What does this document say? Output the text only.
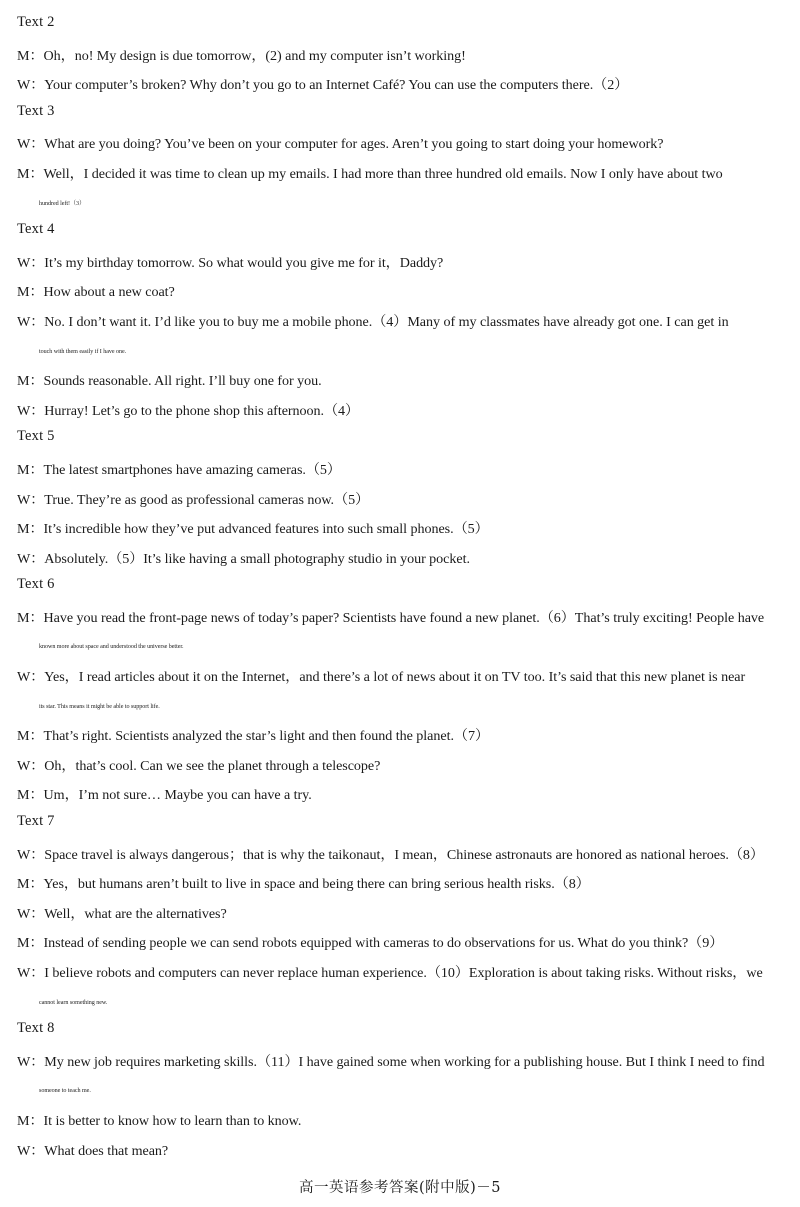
Text 2
M：Oh，no! My design is due tomorrow，(2) and my computer isn’t working!
W：Your computer’s broken? Why don’t you go to an Internet Café? You can use the computers there.（2）
Text 3
W：What are you doing? You’ve been on your computer for ages. Aren’t you going to start doing your homework?
M：Well，I decided it was time to clean up my emails. I had more than three hundred old emails. Now I only have about two
hundred left!（3）
Text 4
W：It’s my birthday tomorrow. So what would you give me for it，Daddy?
M：How about a new coat?
W：No. I don’t want it. I’d like you to buy me a mobile phone.（4）Many of my classmates have already got one. I can get in
touch with them easily if I have one.
M：Sounds reasonable. All right. I’ll buy one for you.
W：Hurray! Let’s go to the phone shop this afternoon.（4）
Text 5
M：The latest smartphones have amazing cameras.（5）
W：True. They’re as good as professional cameras now.（5）
M：It’s incredible how they’ve put advanced features into such small phones.（5）
W：Absolutely.（5）It’s like having a small photography studio in your pocket.
Text 6
M：Have you read the front-page news of today’s paper? Scientists have found a new planet.（6）That’s truly exciting! People have
known more about space and understood the universe better.
W：Yes，I read articles about it on the Internet，and there’s a lot of news about it on TV too. It’s said that this new planet is near
its star. This means it might be able to support life.
M：That’s right. Scientists analyzed the star’s light and then found the planet.（7）
W：Oh，that’s cool. Can we see the planet through a telescope?
M：Um，I’m not sure… Maybe you can have a try.
Text 7
W：Space travel is always dangerous；that is why the taikonaut，I mean，Chinese astronauts are honored as national heroes.（8）
M：Yes，but humans aren’t built to live in space and being there can bring serious health risks.（8）
W：Well，what are the alternatives?
M：Instead of sending people we can send robots equipped with cameras to do observations for us. What do you think?（9）
W：I believe robots and computers can never replace human experience.（10）Exploration is about taking risks. Without risks，we
cannot learn something new.
Text 8
W：My new job requires marketing skills.（11）I have gained some when working for a publishing house. But I think I need to find
someone to teach me.
M：It is better to know how to learn than to know.
W：What does that mean?
高一英语参考答案(附中版)－5
